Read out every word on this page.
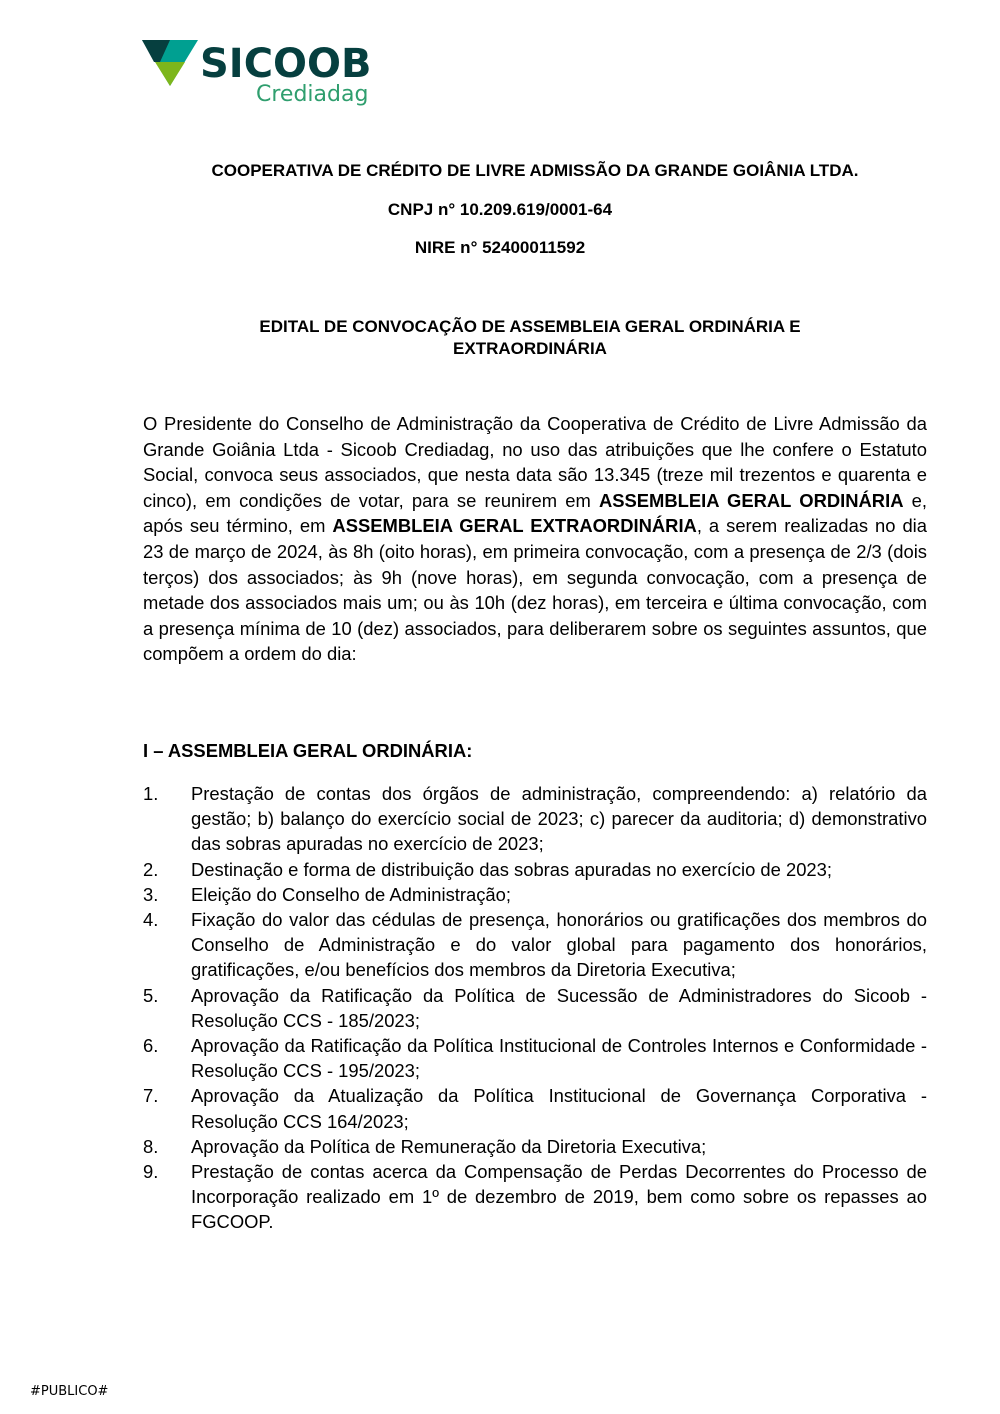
SICOOB
Crediadag
COOPERATIVA DE CRÉDITO DE LIVRE ADMISSÃO DA GRANDE GOIÂNIA LTDA.
CNPJ n° 10.209.619/0001-64
NIRE n° 52400011592
EDITAL DE CONVOCAÇÃO DE ASSEMBLEIA GERAL ORDINÁRIA E EXTRAORDINÁRIA

O Presidente do Conselho de Administração da Cooperativa de Crédito de Livre Admissão da Grande Goiânia Ltda - Sicoob Crediadag, no uso das atribuições que lhe confere o Estatuto Social, convoca seus associados, que nesta data são 13.345 (treze mil trezentos e quarenta e cinco), em condições de votar, para se reunirem em ASSEMBLEIA GERAL ORDINÁRIA e, após seu término, em ASSEMBLEIA GERAL EXTRAORDINÁRIA, a serem realizadas no dia 23 de março de 2024, às 8h (oito horas), em primeira convocação, com a presença de 2/3 (dois terços) dos associados; às 9h (nove horas), em segunda convocação, com a presença de metade dos associados mais um; ou às 10h (dez horas), em terceira e última convocação, com a presença mínima de 10 (dez) associados, para deliberarem sobre os seguintes assuntos, que compõem a ordem do dia:

I – ASSEMBLEIA GERAL ORDINÁRIA:
1. Prestação de contas dos órgãos de administração, compreendendo: a) relatório da gestão; b) balanço do exercício social de 2023; c) parecer da auditoria; d) demonstrativo das sobras apuradas no exercício de 2023;
2. Destinação e forma de distribuição das sobras apuradas no exercício de 2023;
3. Eleição do Conselho de Administração;
4. Fixação do valor das cédulas de presença, honorários ou gratificações dos membros do Conselho de Administração e do valor global para pagamento dos honorários, gratificações, e/ou benefícios dos membros da Diretoria Executiva;
5. Aprovação da Ratificação da Política de Sucessão de Administradores do Sicoob - Resolução CCS - 185/2023;
6. Aprovação da Ratificação da Política Institucional de Controles Internos e Conformidade - Resolução CCS - 195/2023;
7. Aprovação da Atualização da Política Institucional de Governança Corporativa - Resolução CCS 164/2023;
8. Aprovação da Política de Remuneração da Diretoria Executiva;
9. Prestação de contas acerca da Compensação de Perdas Decorrentes do Processo de Incorporação realizado em 1º de dezembro de 2019, bem como sobre os repasses ao FGCOOP.
#PUBLICO#
